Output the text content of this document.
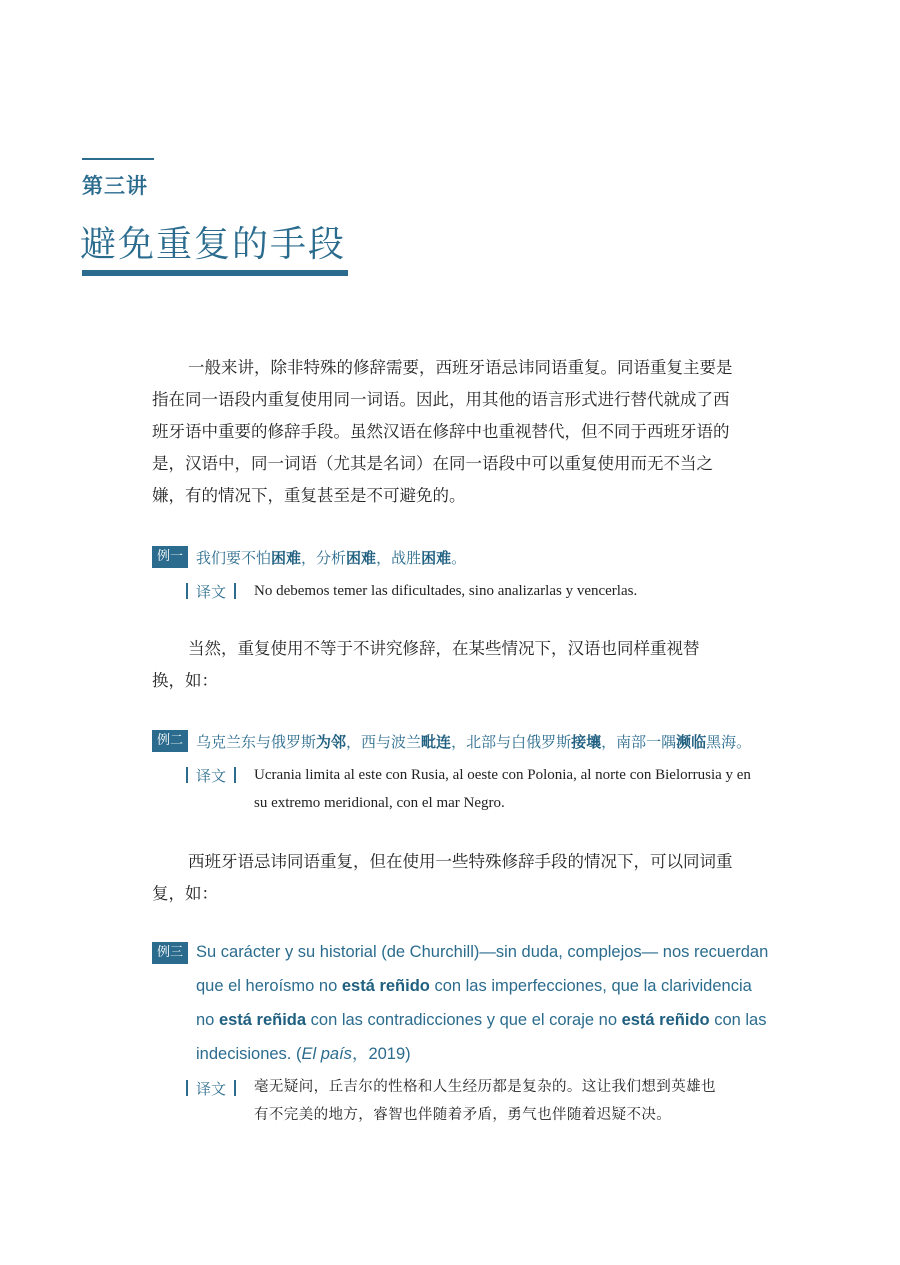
第三讲
避免重复的手段
一般来讲，除非特殊的修辞需要，西班牙语忌讳同语重复。同语重复主要是
指在同一语段内重复使用同一词语。因此，用其他的语言形式进行替代就成了西
班牙语中重要的修辞手段。虽然汉语在修辞中也重视替代，但不同于西班牙语的
是，汉语中，同一词语（尤其是名词）在同一语段中可以重复使用而无不当之
嫌，有的情况下，重复甚至是不可避免的。
例一 我们要不怕困难，分析困难，战胜困难。
译文	No debemos temer las dificultades, sino analizarlas y vencerlas.
当然，重复使用不等于不讲究修辞，在某些情况下，汉语也同样重视替
换，如：
例二 乌克兰东与俄罗斯为邻，西与波兰毗连，北部与白俄罗斯接壤，南部一隅濒临黑海。
译文	Ucrania limita al este con Rusia, al oeste con Polonia, al norte con Bielorrusia y en
su extremo meridional, con el mar Negro.
西班牙语忌讳同语重复，但在使用一些特殊修辞手段的情况下，可以同词重
复，如：
例三 Su carácter y su historial (de Churchill)—sin duda, complejos— nos recuerdan
que el heroísmo no está reñido con las imperfecciones, que la clarividencia
no está reñida con las contradicciones y que el coraje no está reñido con las
indecisiones. (El país，2019)
译文	毫无疑问，丘吉尔的性格和人生经历都是复杂的。这让我们想到英雄也
有不完美的地方，睿智也伴随着矛盾，勇气也伴随着迟疑不决。
